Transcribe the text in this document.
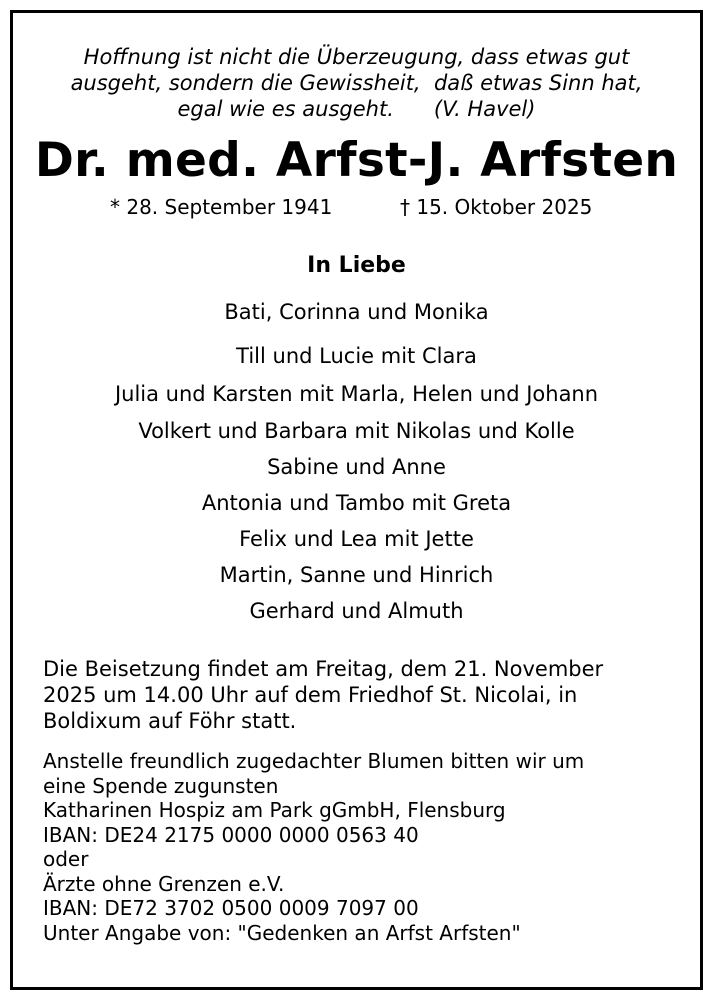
Hoffnung ist nicht die Überzeugung, dass etwas gut
ausgeht, sondern die Gewissheit,  daß etwas Sinn hat,
egal wie es ausgeht.      (V. Havel)
Dr. med. Arfst-J. Arfsten
* 28. September 1941	† 15. Oktober 2025
In Liebe
Bati, Corinna und Monika
Till und Lucie mit Clara
Julia und Karsten mit Marla, Helen und Johann
Volkert und Barbara mit Nikolas und Kolle
Sabine und Anne
Antonia und Tambo mit Greta
Felix und Lea mit Jette
Martin, Sanne und Hinrich
Gerhard und Almuth
Die Beisetzung findet am Freitag, dem 21. November
2025 um 14.00 Uhr auf dem Friedhof St. Nicolai, in
Boldixum auf Föhr statt.
Anstelle freundlich zugedachter Blumen bitten wir um
eine Spende zugunsten
Katharinen Hospiz am Park gGmbH, Flensburg
IBAN: DE24 2175 0000 0000 0563 40
oder
Ärzte ohne Grenzen e.V.
IBAN: DE72 3702 0500 0009 7097 00
Unter Angabe von: "Gedenken an Arfst Arfsten"
